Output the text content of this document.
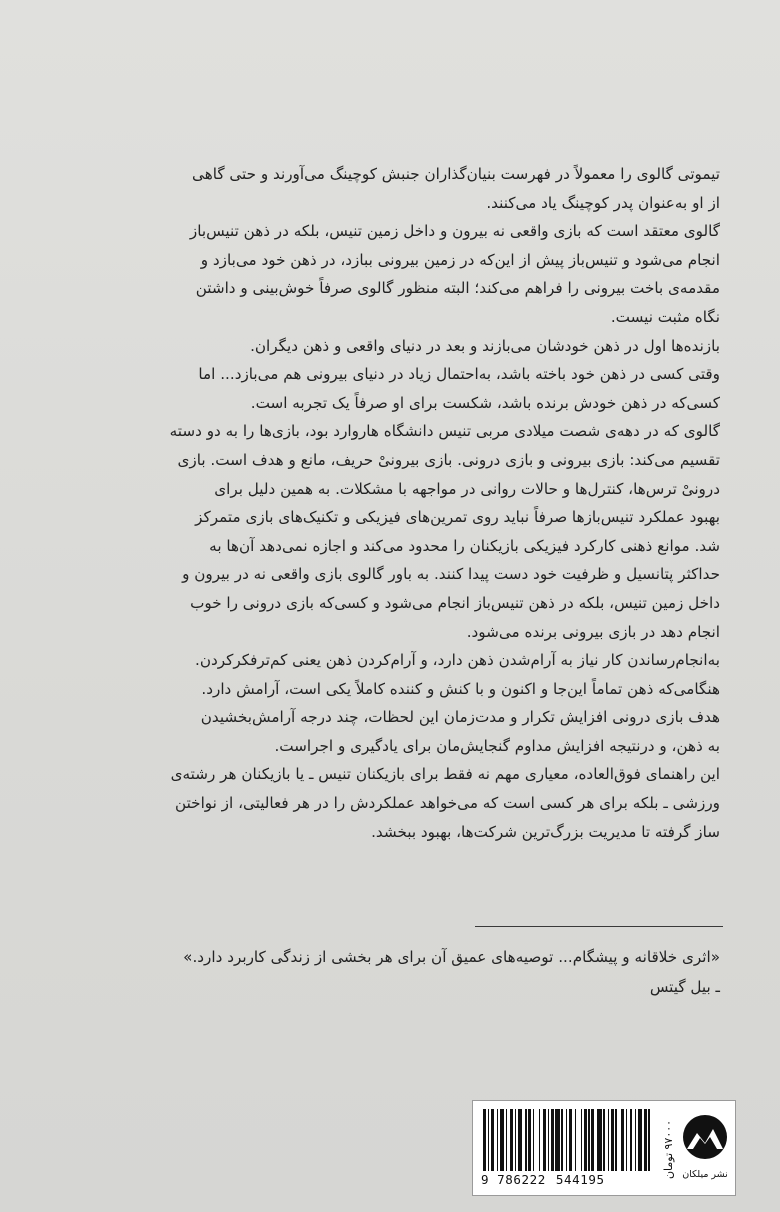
تیموتی گالوی را معمولاً در فهرست بنیان‌گذاران جنبش کوچینگ می‌آورند و حتی گاهی

از او به‌عنوان پدر کوچینگ یاد می‌کنند.

گالوی معتقد است که بازی واقعی نه بیرون و داخل زمین تنیس، بلکه در ذهن تنیس‌باز

انجام می‌شود و تنیس‌باز پیش از این‌که در زمین بیرونی ببازد، در ذهن خود می‌بازد و

مقدمه‌ی باخت بیرونی را فراهم می‌کند؛ البته منظور گالوی صرفاً خوش‌بینی و داشتن

نگاه مثبت نیست.

بازنده‌ها اول در ذهن خودشان می‌بازند و بعد در دنیای واقعی و ذهن دیگران.

وقتی کسی در ذهن خود باخته باشد، به‌احتمال زیاد در دنیای بیرونی هم می‌بازد... اما

کسی‌که در ذهن خودش برنده باشد، شکست برای او صرفاً یک تجربه است.

گالوی که در دهه‌ی شصت میلادی مربی تنیس دانشگاه هاروارد بود، بازی‌ها را به دو دسته

تقسیم می‌کند: بازی بیرونی و بازی درونی. بازی بیرونیْ حریف، مانع و هدف است. بازی

درونیْ ترس‌ها، کنترل‌ها و حالات روانی در مواجهه با مشکلات. به همین دلیل برای

بهبود عملکرد تنیس‌بازها صرفاً نباید روی تمرین‌های فیزیکی و تکنیک‌های بازی متمرکز

شد. موانع ذهنی کارکرد فیزیکی بازیکنان را محدود می‌کند و اجازه نمی‌دهد آن‌ها به

حداکثر پتانسیل و ظرفیت خود دست پیدا کنند. به باور گالوی بازی واقعی نه در بیرون و

داخل زمین تنیس، بلکه در ذهن تنیس‌باز انجام می‌شود و کسی‌که بازی درونی را خوب

انجام دهد در بازی بیرونی برنده می‌شود.

به‌انجام‌رساندن کار نیاز به آرام‌شدن ذهن دارد، و آرام‌کردن ذهن یعنی کم‌ترفکرکردن.

هنگامی‌که ذهن تماماً این‌جا و اکنون و با کنش و کننده کاملاً یکی است، آرامش دارد.

هدف بازی درونی افزایش تکرار و مدت‌زمان این لحظات، چند درجه آرامش‌بخشیدن

به ذهن، و درنتیجه افزایش مداوم گنجایش‌مان برای یادگیری و اجراست.

این راهنمای فوق‌العاده، معیاری مهم نه فقط برای بازیکنان تنیس ـ یا بازیکنان هر رشته‌ی

ورزشی ـ بلکه برای هر کسی است که می‌خواهد عملکردش را در هر فعالیتی، از نواختن

ساز گرفته تا مدیریت بزرگ‌ترین شرکت‌ها، بهبود ببخشد.

«اثری خلاقانه و پیشگام... توصیه‌های عمیق آن برای هر بخشی از زندگی کاربرد دارد.»
ـ بیل گیتس
9 786222 544195
۹۷۰۰۰ تومان
نشر میلکان
